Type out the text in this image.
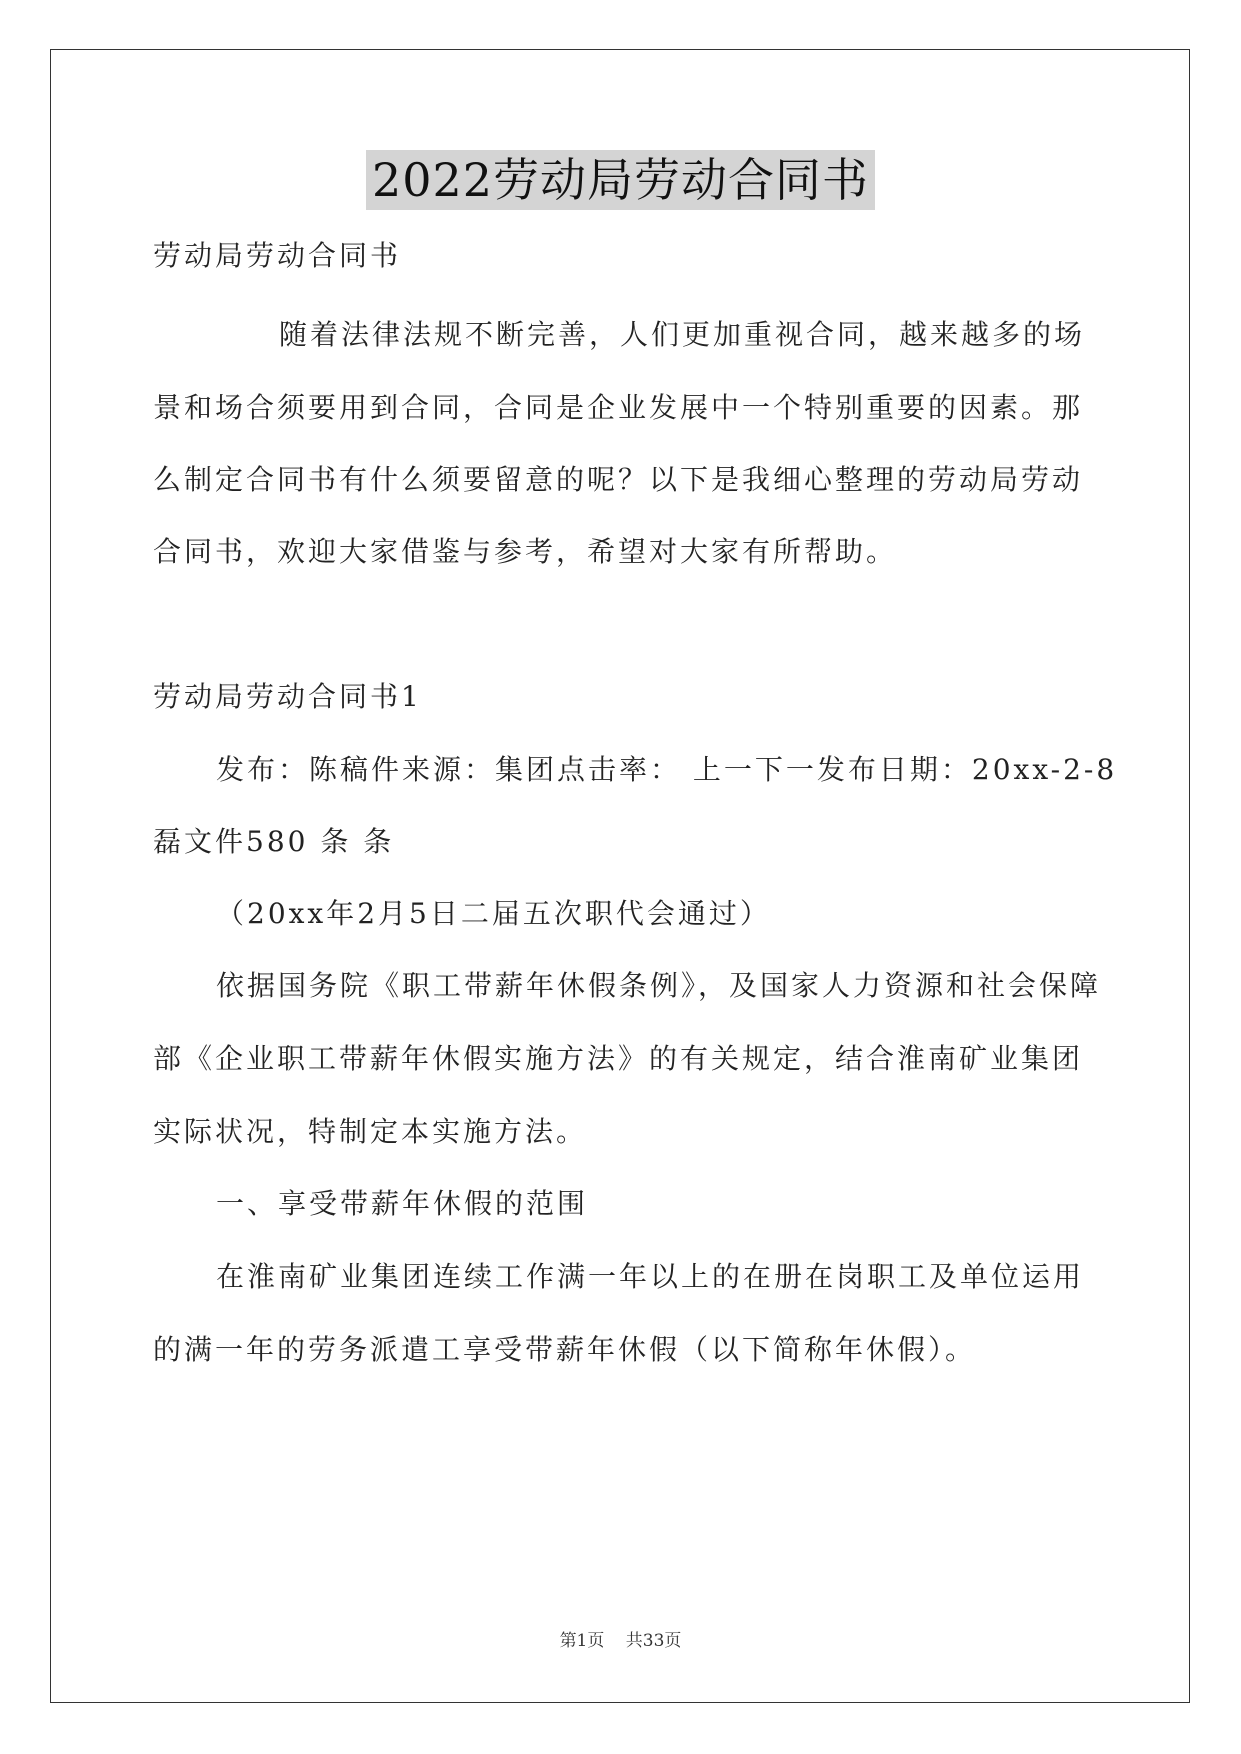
2022劳动局劳动合同书
劳动局劳动合同书
随着法律法规不断完善，人们更加重视合同，越来越多的场
景和场合须要用到合同，合同是企业发展中一个特别重要的因素。那
么制定合同书有什么须要留意的呢？以下是我细心整理的劳动局劳动
合同书，欢迎大家借鉴与参考，希望对大家有所帮助。
劳动局劳动合同书1
发布：陈稿件来源：集团点击率： 上一下一发布日期：20xx-2-8
磊文件580 条 条
（20xx年2月5日二届五次职代会通过）
依据国务院《职工带薪年休假条例》，及国家人力资源和社会保障
部《企业职工带薪年休假实施方法》的有关规定，结合淮南矿业集团
实际状况，特制定本实施方法。
一、享受带薪年休假的范围
在淮南矿业集团连续工作满一年以上的在册在岗职工及单位运用
的满一年的劳务派遣工享受带薪年休假（以下简称年休假）。
第1页 共33页
